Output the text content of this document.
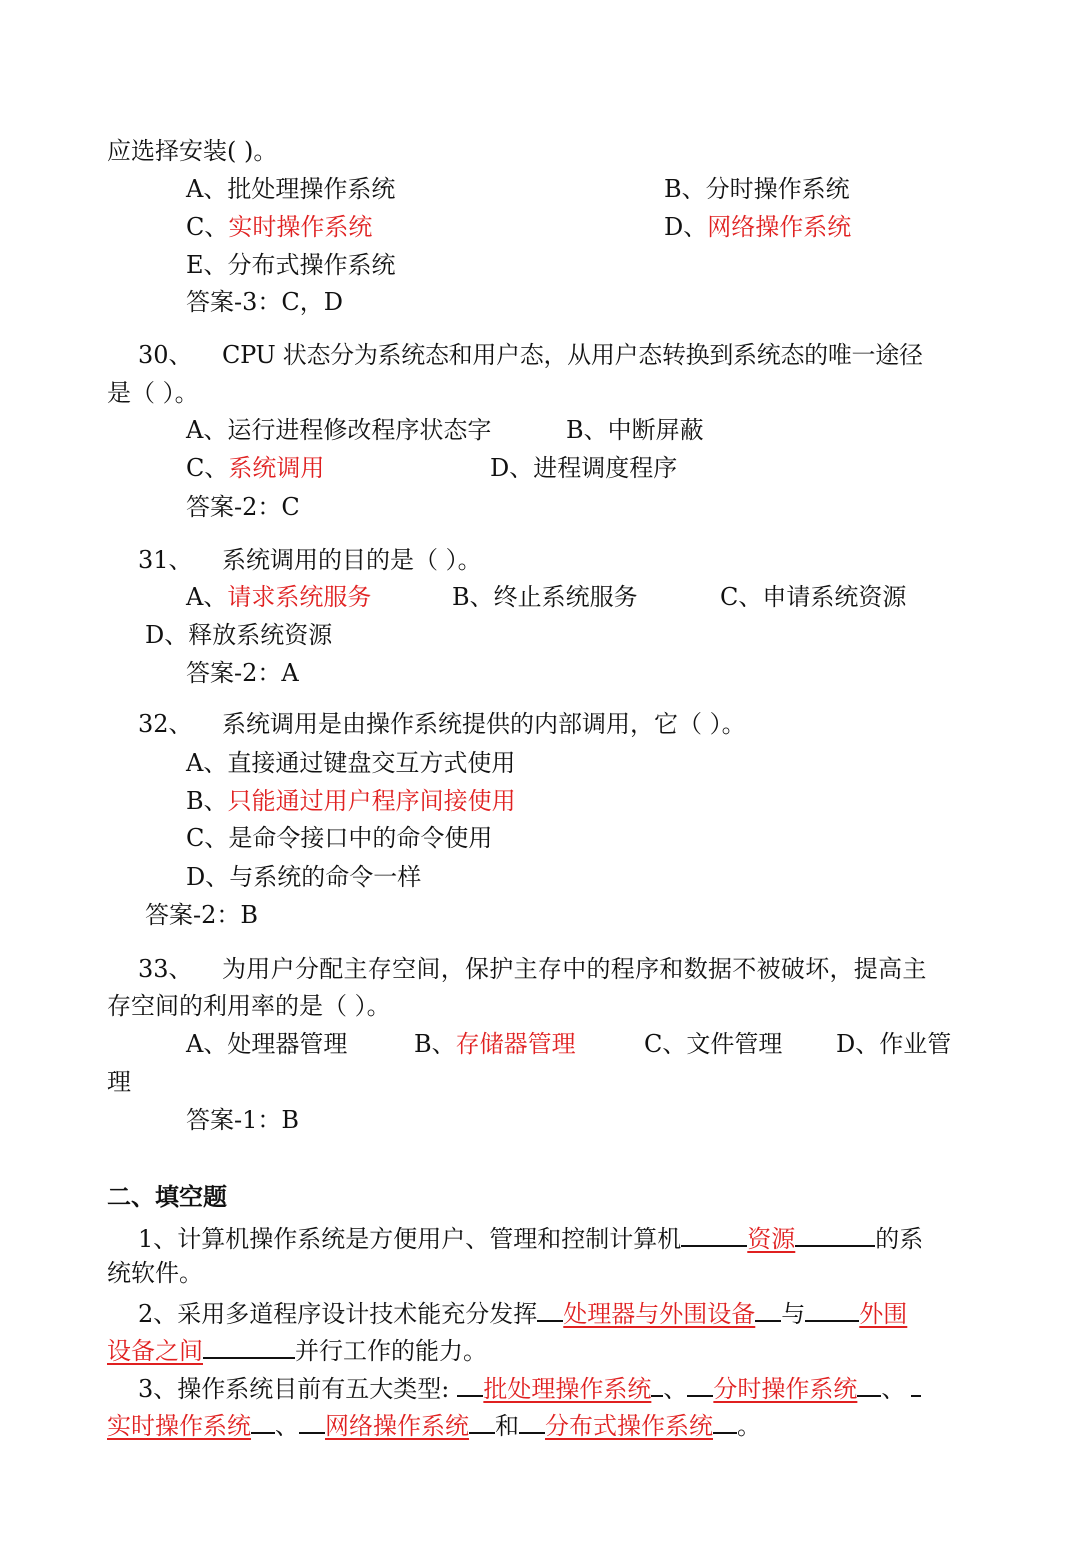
应选择安装( )。
A、批处理操作系统	B、分时操作系统
C、实时操作系统	D、网络操作系统
E、分布式操作系统
答案-3：C，D
30、 CPU 状态分为系统态和用户态，从用户态转换到系统态的唯一途径
是（ ）。
A、运行进程修改程序状态字	B、中断屏蔽
C、系统调用	D、进程调度程序
答案-2：C
31、 系统调用的目的是（ ）。
A、请求系统服务	B、终止系统服务	C、申请系统资源
D、释放系统资源
答案-2：A
32、 系统调用是由操作系统提供的内部调用，它（ ）。
A、直接通过键盘交互方式使用
B、只能通过用户程序间接使用
C、是命令接口中的命令使用
D、与系统的命令一样
答案-2：B
33、 为用户分配主存空间，保护主存中的程序和数据不被破坏，提高主
存空间的利用率的是（ ）。
A、处理器管理	B、存储器管理	C、文件管理 D、作业管
理
答案-1：B
二、填空题
1、计算机操作系统是方便用户、管理和控制计算机	资源	的系
统软件。
2、采用多道程序设计技术能充分发挥 处理器与外围设备 与 外围
设备之间	并行工作的能力。
3、操作系统目前有五大类型: 批处理操作系统 、 分时操作系统 、
实时操作系统 、 网络操作系统 和 分布式操作系统 。
